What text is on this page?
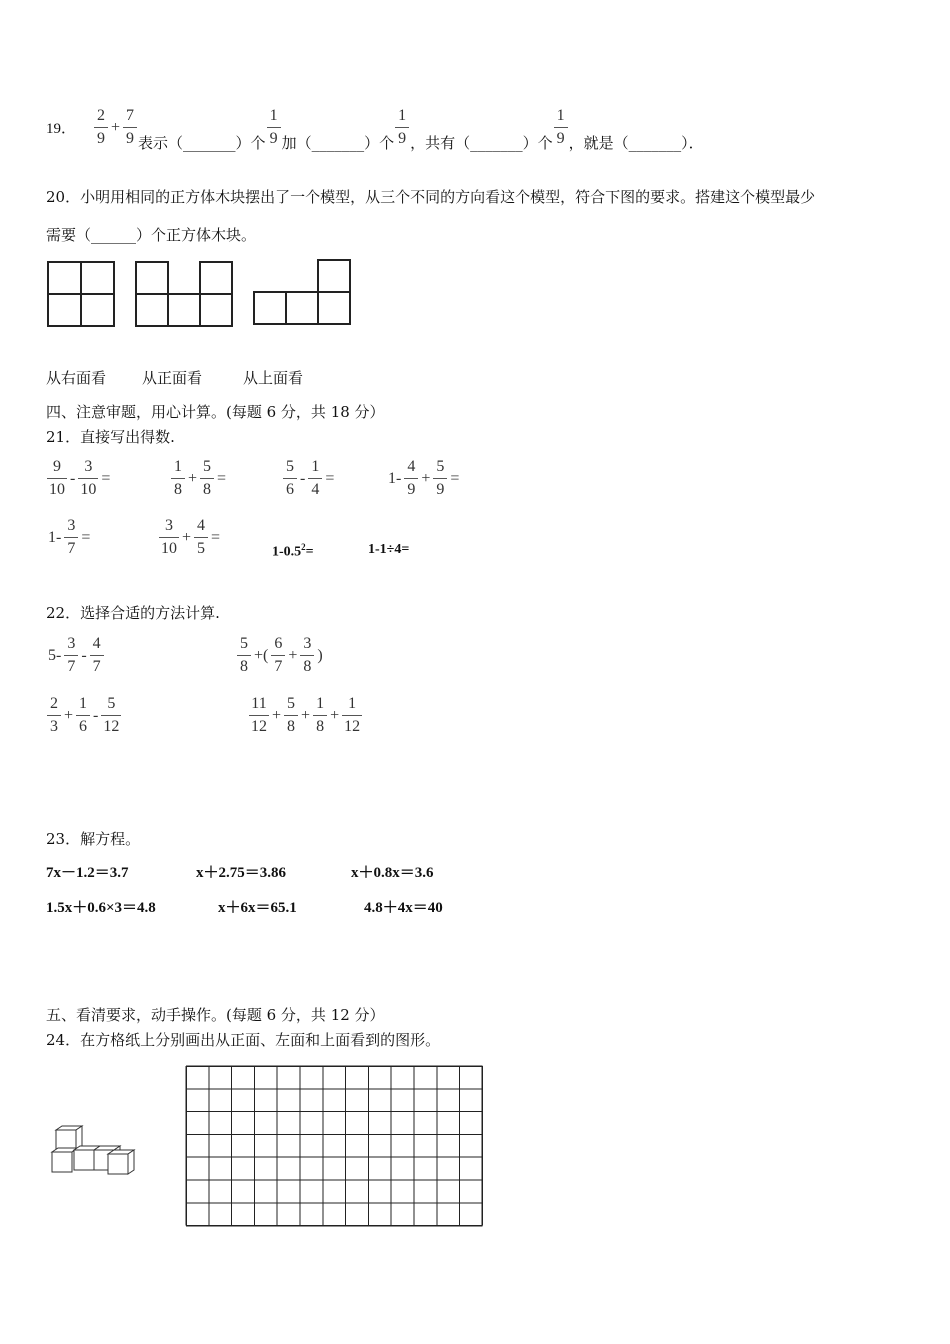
19． $\frac{2}{9} + \frac{7}{9}$ 表示（_______）个 $\frac{1}{9}$ 加（_______）个 $\frac{1}{9}$ ，共有（_______）个 $\frac{1}{9}$ ，就是（_______）．
20．小明用相同的正方体木块摆出了一个模型，从三个不同的方向看这个模型，符合下图的要求。搭建这个模型最少
需要（______）个正方体木块。
从右面看 从正面看	从上面看
四、注意审题，用心计算。(每题 6 分，共 18 分）
21．直接写出得数.
$\frac{9}{10} - \frac{3}{10}$ =	$\frac{1}{8} + \frac{5}{8}$ =	$\frac{5}{6} - \frac{1}{4}$ =	$1- \frac{4}{9} + \frac{5}{9}$ =
$1- \frac{3}{7}$ =	$\frac{3}{10} + \frac{4}{5}$ =
$1-0.5^2=$	1-1÷4=
22．选择合适的方法计算.
$5- \frac{3}{7} - \frac{4}{7}$	$\frac{5}{8}$ +( $\frac{6}{7} + \frac{3}{8}$ )
$\frac{2}{3} + \frac{1}{6} - \frac{5}{12}$	$\frac{11}{12} + \frac{5}{8} + \frac{1}{8} + \frac{1}{12}$
23．解方程。
7x－1.2＝3.7	x＋2.75＝3.86	x＋0.8x＝3.6
1.5x＋0.6×3＝4.8	x＋6x＝65.1	4.8＋4x＝40
五、看清要求，动手操作。(每题 6 分，共 12 分）
24．在方格纸上分别画出从正面、左面和上面看到的图形。
